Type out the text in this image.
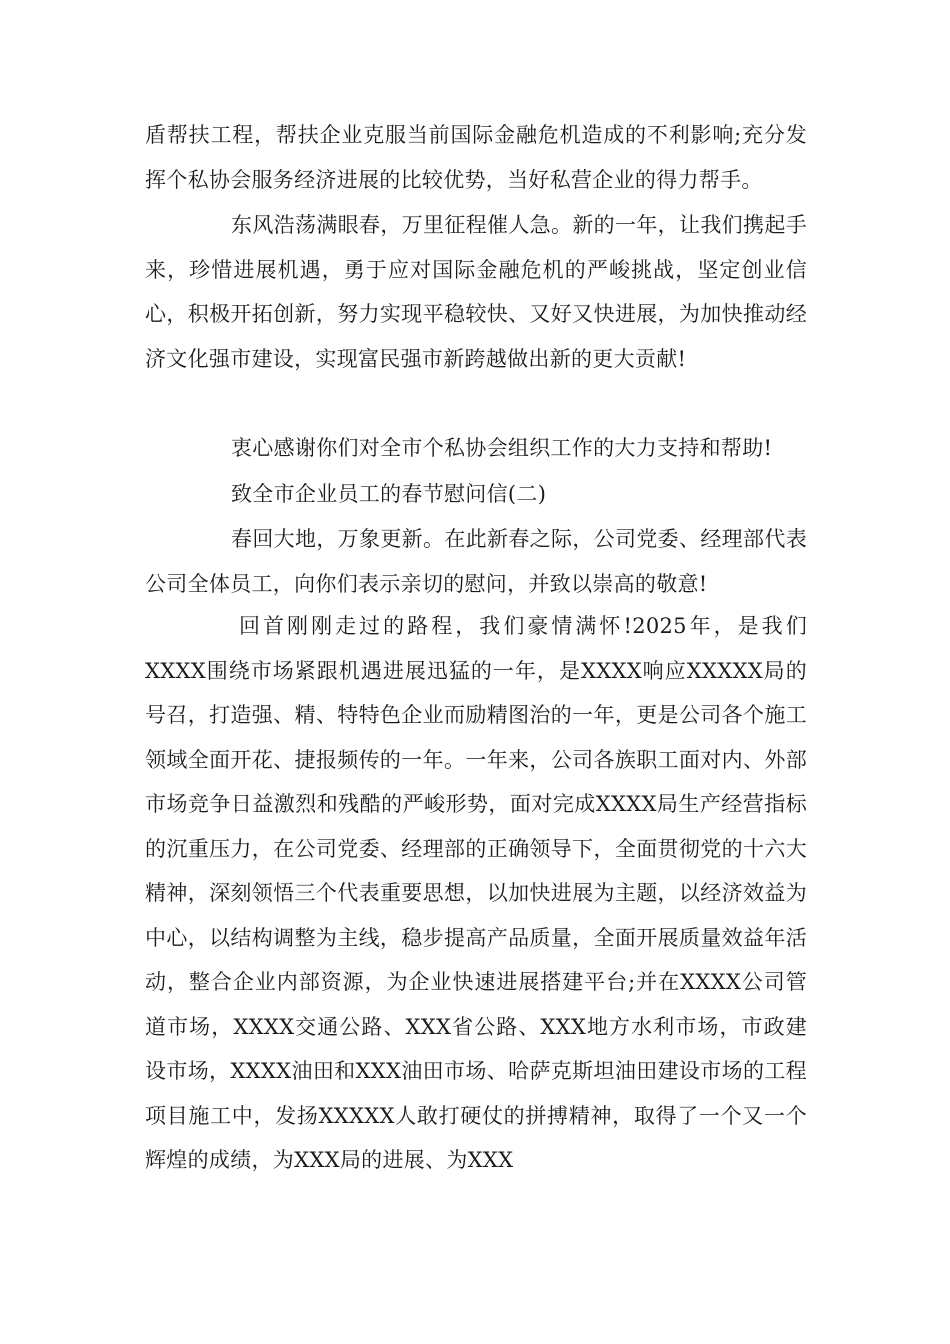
盾帮扶工程，帮扶企业克服当前国际金融危机造成的不利影响;充分发挥个私协会服务经济进展的比较优势，当好私营企业的得力帮手。

东风浩荡满眼春，万里征程催人急。新的一年，让我们携起手来，珍惜进展机遇，勇于应对国际金融危机的严峻挑战，坚定创业信心，积极开拓创新，努力实现平稳较快、又好又快进展，为加快推动经济文化强市建设，实现富民强市新跨越做出新的更大贡献!

衷心感谢你们对全市个私协会组织工作的大力支持和帮助!

致全市企业员工的春节慰问信(二)

春回大地，万象更新。在此新春之际，公司党委、经理部代表公司全体员工，向你们表示亲切的慰问，并致以崇高的敬意!

回首刚刚走过的路程，我们豪情满怀!2025年，是我们XXXX围绕市场紧跟机遇进展迅猛的一年，是XXXX响应XXXXX局的号召，打造强、精、特特色企业而励精图治的一年，更是公司各个施工领域全面开花、捷报频传的一年。一年来，公司各族职工面对内、外部市场竞争日益激烈和残酷的严峻形势，面对完成XXXX局生产经营指标的沉重压力，在公司党委、经理部的正确领导下，全面贯彻党的十六大精神，深刻领悟三个代表重要思想，以加快进展为主题，以经济效益为中心，以结构调整为主线，稳步提高产品质量，全面开展质量效益年活动，整合企业内部资源，为企业快速进展搭建平台;并在XXXX公司管道市场，XXXX交通公路、XXX省公路、XXX地方水利市场，市政建设市场，XXXX油田和XXX油田市场、哈萨克斯坦油田建设市场的工程项目施工中，发扬XXXXX人敢打硬仗的拼搏精神，取得了一个又一个辉煌的成绩，为XXX局的进展、为XXX
